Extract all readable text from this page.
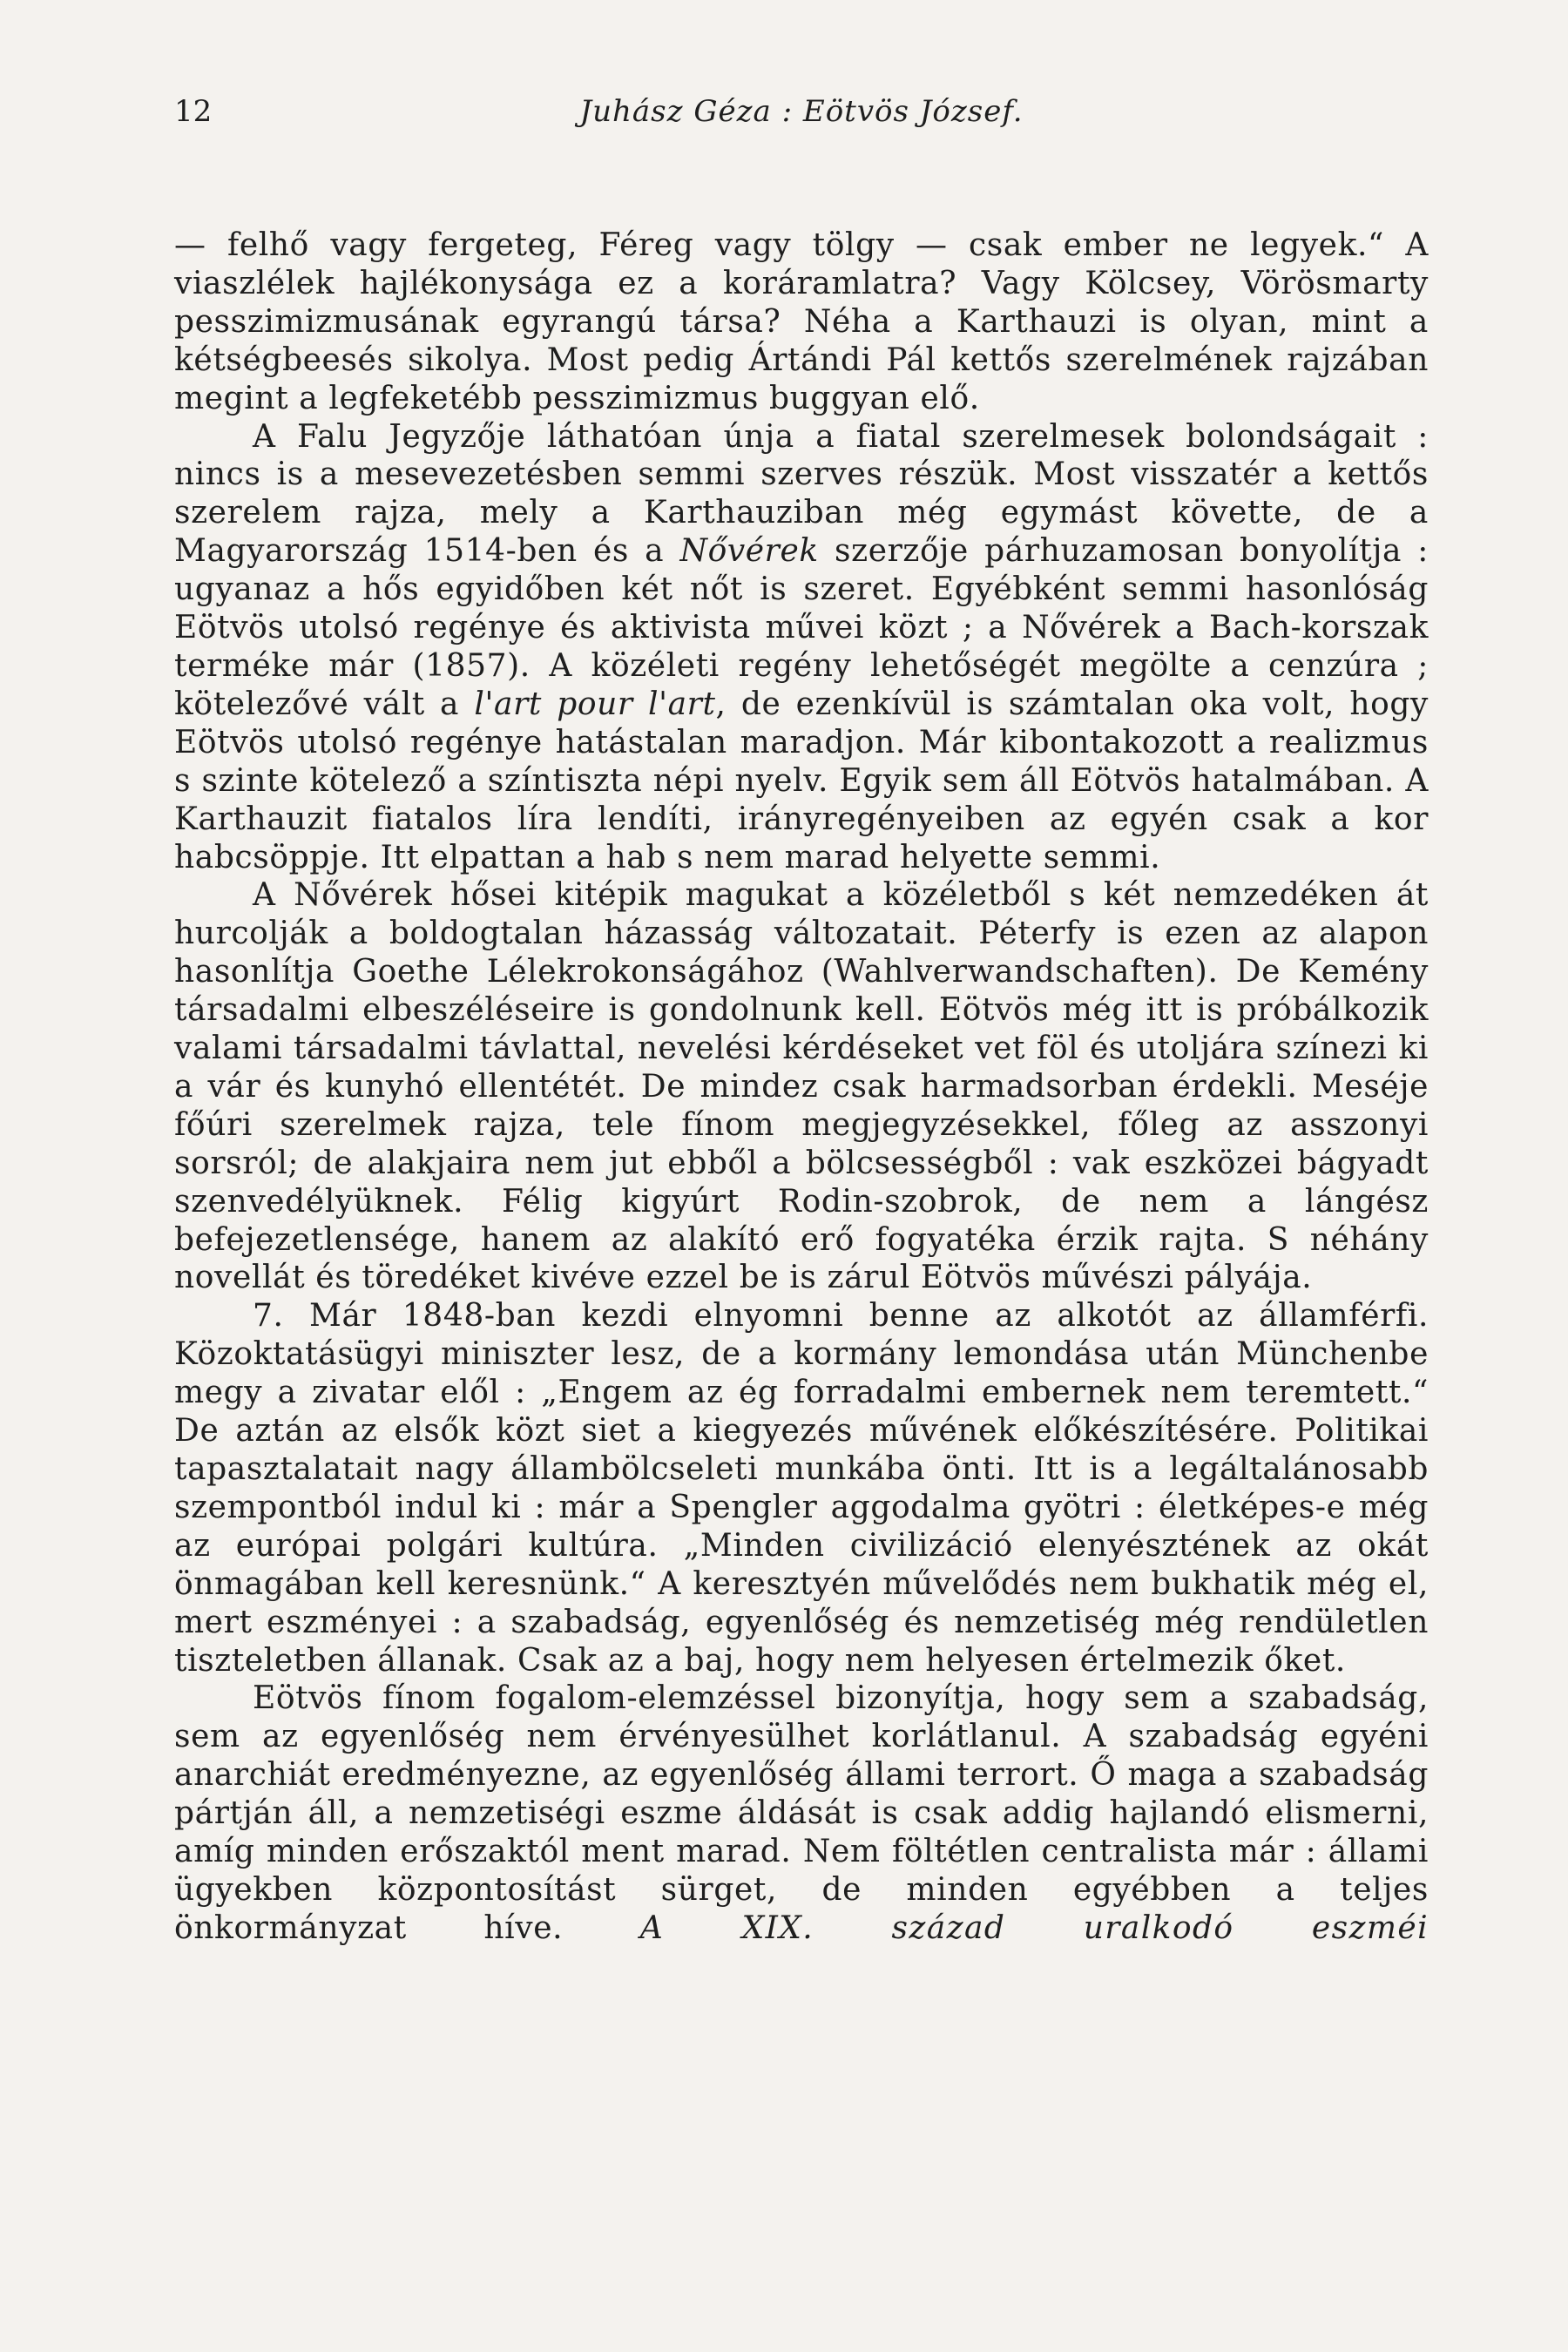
12	Juhász Géza : Eötvös József.

— felhő vagy fergeteg, Féreg vagy tölgy — csak ember ne legyek.“ A viaszlélek hajlékonysága ez a koráramlatra? Vagy Kölcsey, Vörösmarty pesszimizmusának egyrangú társa? Néha a Karthauzi is olyan, mint a kétségbeesés sikolya. Most pedig Ártándi Pál kettős szerelmének rajzában megint a legfeketébb pesszimizmus buggyan elő.

A Falu Jegyzője láthatóan únja a fiatal szerelmesek bolondságait : nincs is a mesevezetésben semmi szerves részük. Most visszatér a kettős szerelem rajza, mely a Karthauziban még egymást követte, de a Magyarország 1514-ben és a Nővérek szerzője párhuzamosan bonyolítja : ugyanaz a hős egyidőben két nőt is szeret. Egyébként semmi hasonlóság Eötvös utolsó regénye és aktivista művei közt ; a Nővérek a Bach-korszak terméke már (1857). A közéleti regény lehetőségét megölte a cenzúra ; kötelezővé vált a l'art pour l'art, de ezenkívül is számtalan oka volt, hogy Eötvös utolsó regénye hatástalan maradjon. Már kibontakozott a realizmus s szinte kötelező a színtiszta népi nyelv. Egyik sem áll Eötvös hatalmában. A Karthauzit fiatalos líra lendíti, irányregényeiben az egyén csak a kor habcsöppje. Itt elpattan a hab s nem marad helyette semmi.

A Nővérek hősei kitépik magukat a közéletből s két nemzedéken át hurcolják a boldogtalan házasság változatait. Péterfy is ezen az alapon hasonlítja Goethe Lélekrokonságához (Wahlverwandschaften). De Kemény társadalmi elbeszéléseire is gondolnunk kell. Eötvös még itt is próbálkozik valami társadalmi távlattal, nevelési kérdéseket vet föl és utoljára színezi ki a vár és kunyhó ellentétét. De mindez csak harmadsorban érdekli. Meséje főúri szerelmek rajza, tele fínom megjegyzésekkel, főleg az asszonyi sorsról; de alakjaira nem jut ebből a bölcsességből : vak eszközei bágyadt szenvedélyüknek. Félig kigyúrt Rodin-szobrok, de nem a lángész befejezetlensége, hanem az alakító erő fogyatéka érzik rajta. S néhány novellát és töredéket kivéve ezzel be is zárul Eötvös művészi pályája.

7. Már 1848-ban kezdi elnyomni benne az alkotót az államférfi. Közoktatásügyi miniszter lesz, de a kormány lemondása után Münchenbe megy a zivatar elől : „Engem az ég forradalmi embernek nem teremtett.“ De aztán az elsők közt siet a kiegyezés művének előkészítésére. Politikai tapasztalatait nagy állambölcseleti munkába önti. Itt is a legáltalánosabb szempontból indul ki : már a Spengler aggodalma gyötri : életképes-e még az európai polgári kultúra. „Minden civilizáció elenyésztének az okát önmagában kell keresnünk.“ A keresztyén művelődés nem bukhatik még el, mert eszményei : a szabadság, egyenlőség és nemzetiség még rendületlen tiszteletben állanak. Csak az a baj, hogy nem helyesen értelmezik őket.

Eötvös fínom fogalom-elemzéssel bizonyítja, hogy sem a szabadság, sem az egyenlőség nem érvényesülhet korlátlanul. A szabadság egyéni anarchiát eredményezne, az egyenlőség állami terrort. Ő maga a szabadság pártján áll, a nemzetiségi eszme áldását is csak addig hajlandó elismerni, amíg minden erőszaktól ment marad. Nem föltétlen centralista már : állami ügyekben központosítást sürget, de minden egyébben a teljes önkormányzat híve. A XIX. század uralkodó eszméi
